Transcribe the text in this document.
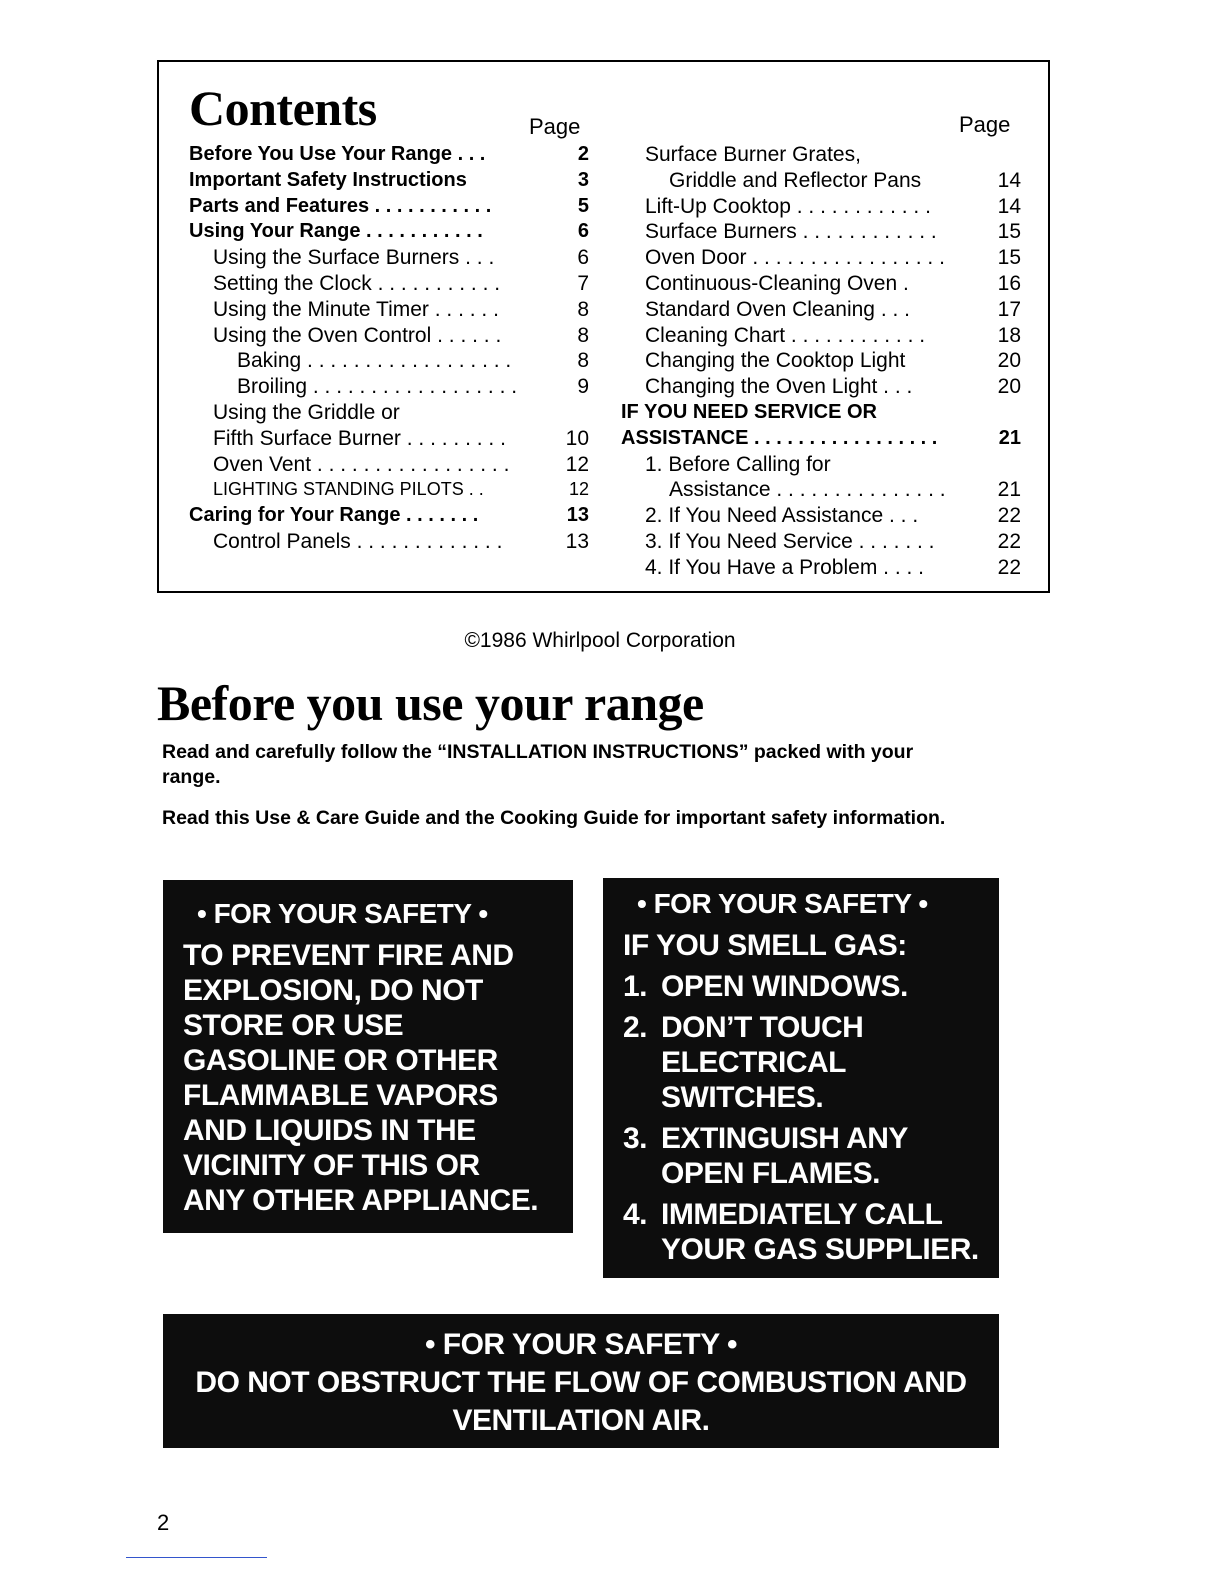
Contents	Page	Page
Before You Use Your Range . . .	2
Important Safety Instructions	3
Parts and Features . . . . . . . . . . .	5
Using Your Range . . . . . . . . . . .	6
Using the Surface Burners . . .	6
Setting the Clock . . . . . . . . . . .	7
Using the Minute Timer . . . . . .	8
Using the Oven Control . . . . . .	8
Baking . . . . . . . . . . . . . . . . . .	8
Broiling . . . . . . . . . . . . . . . . . .	9
Using the Griddle or
Fifth Surface Burner . . . . . . . . .	10
Oven Vent . . . . . . . . . . . . . . . . .	12
LIGHTING STANDING PILOTS . .	12
Caring for Your Range . . . . . . .	13
Control Panels . . . . . . . . . . . . .	13
Surface Burner Grates,
Griddle and Reflector Pans	14
Lift-Up Cooktop . . . . . . . . . . . .	14
Surface Burners . . . . . . . . . . . .	15
Oven Door . . . . . . . . . . . . . . . . .	15
Continuous-Cleaning Oven .	16
Standard Oven Cleaning . . .	17
Cleaning Chart . . . . . . . . . . . .	18
Changing the Cooktop Light	20
Changing the Oven Light . . .	20
IF YOU NEED SERVICE OR
ASSISTANCE . . . . . . . . . . . . . . . . .	21
1. Before Calling for
Assistance . . . . . . . . . . . . . . . 21
2. If You Need Assistance . . .	22
3. If You Need Service . . . . . . .	22
4. If You Have a Problem . . . .	22
©1986 Whirlpool Corporation
Before you use your range

Read and carefully follow the “INSTALLATION INSTRUCTIONS” packed with your range.

Read this Use & Care Guide and the Cooking Guide for important safety information.

• FOR YOUR SAFETY •
TO PREVENT FIRE AND
EXPLOSION, DO NOT
STORE OR USE
GASOLINE OR OTHER
FLAMMABLE VAPORS
AND LIQUIDS IN THE
VICINITY OF THIS OR
ANY OTHER APPLIANCE.
• FOR YOUR SAFETY •
IF YOU SMELL GAS:
1. OPEN WINDOWS.
2. DON’T TOUCH
ELECTRICAL
SWITCHES.
3. EXTINGUISH ANY
OPEN FLAMES.
4. IMMEDIATELY CALL
YOUR GAS SUPPLIER.
• FOR YOUR SAFETY •
DO NOT OBSTRUCT THE FLOW OF COMBUSTION AND
VENTILATION AIR.
2
